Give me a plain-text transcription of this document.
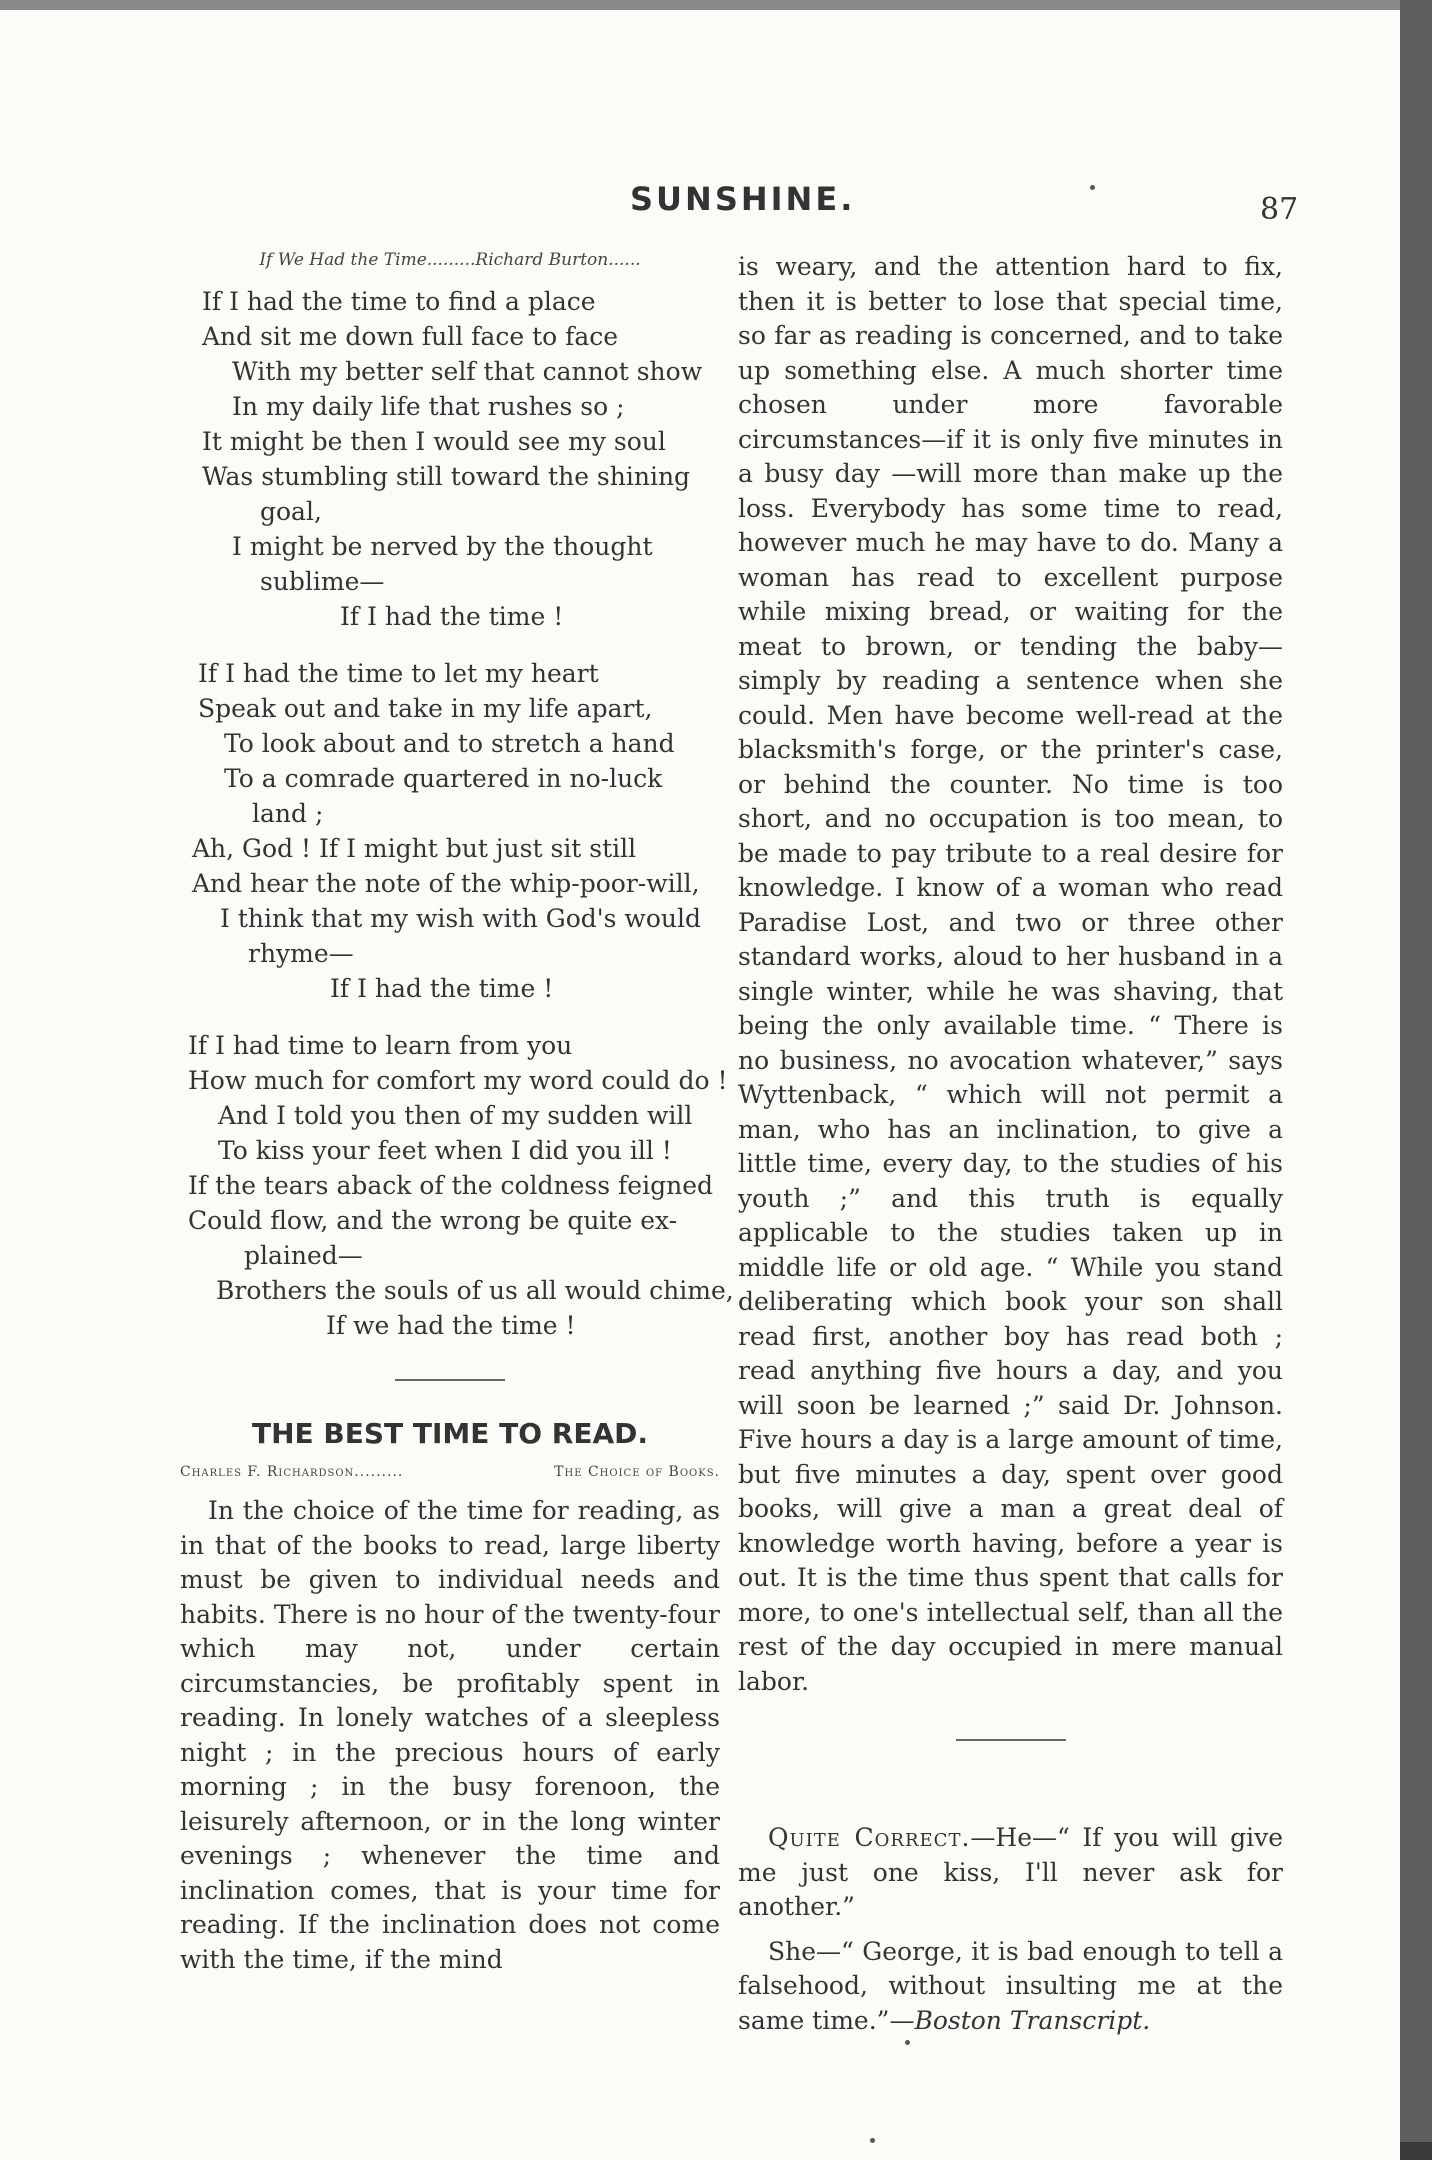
SUNSHINE.	87
If We Had the Time.........Richard Burton......
If I had the time to find a place
And sit me down full face to face
With my better self that cannot show
In my daily life that rushes so ;
It might be then I would see my soul
Was stumbling still toward the shining
goal,
I might be nerved by the thought
sublime—
If I had the time !
If I had the time to let my heart
Speak out and take in my life apart,
To look about and to stretch a hand
To a comrade quartered in no-luck
land ;
Ah, God ! If I might but just sit still
And hear the note of the whip-poor-will,
I think that my wish with God's would
rhyme—
If I had the time !
If I had time to learn from you
How much for comfort my word could do !
And I told you then of my sudden will
To kiss your feet when I did you ill !
If the tears aback of the coldness feigned
Could flow, and the wrong be quite ex-
plained—
Brothers the souls of us all would chime,
If we had the time !
THE BEST TIME TO READ.
Charles F. Richardson.........	The Choice of Books.
In the choice of the time for reading, as in that of the books to read, large liberty must be given to individual needs and habits. There is no hour of the twenty-four which may not, under certain circumstancies, be profitably spent in reading. In lonely watches of a sleepless night ; in the precious hours of early morning ; in the busy forenoon, the leisurely afternoon, or in the long winter evenings ; whenever the time and inclination comes, that is your time for reading. If the inclination does not come with the time, if the mind
is weary, and the attention hard to fix, then it is better to lose that special time, so far as reading is concerned, and to take up something else. A much shorter time chosen under more favorable circumstances—if it is only five minutes in a busy day —will more than make up the loss. Everybody has some time to read, however much he may have to do. Many a woman has read to excellent purpose while mixing bread, or waiting for the meat to brown, or tending the baby—simply by reading a sentence when she could. Men have become well-read at the blacksmith's forge, or the printer's case, or behind the counter. No time is too short, and no occupation is too mean, to be made to pay tribute to a real desire for knowledge. I know of a woman who read Paradise Lost, and two or three other standard works, aloud to her husband in a single winter, while he was shaving, that being the only available time. “ There is no business, no avocation whatever,” says Wyttenback, “ which will not permit a man, who has an inclination, to give a little time, every day, to the studies of his youth ;” and this truth is equally applicable to the studies taken up in middle life or old age. “ While you stand deliberating which book your son shall read first, another boy has read both ; read anything five hours a day, and you will soon be learned ;” said Dr. Johnson. Five hours a day is a large amount of time, but five minutes a day, spent over good books, will give a man a great deal of knowledge worth having, before a year is out. It is the time thus spent that calls for more, to one's intellectual self, than all the rest of the day occupied in mere manual labor.

Quite Correct.—He—“ If you will give me just one kiss, I'll never ask for another.”

She—“ George, it is bad enough to tell a falsehood, without insulting me at the same time.”—Boston Transcript.
